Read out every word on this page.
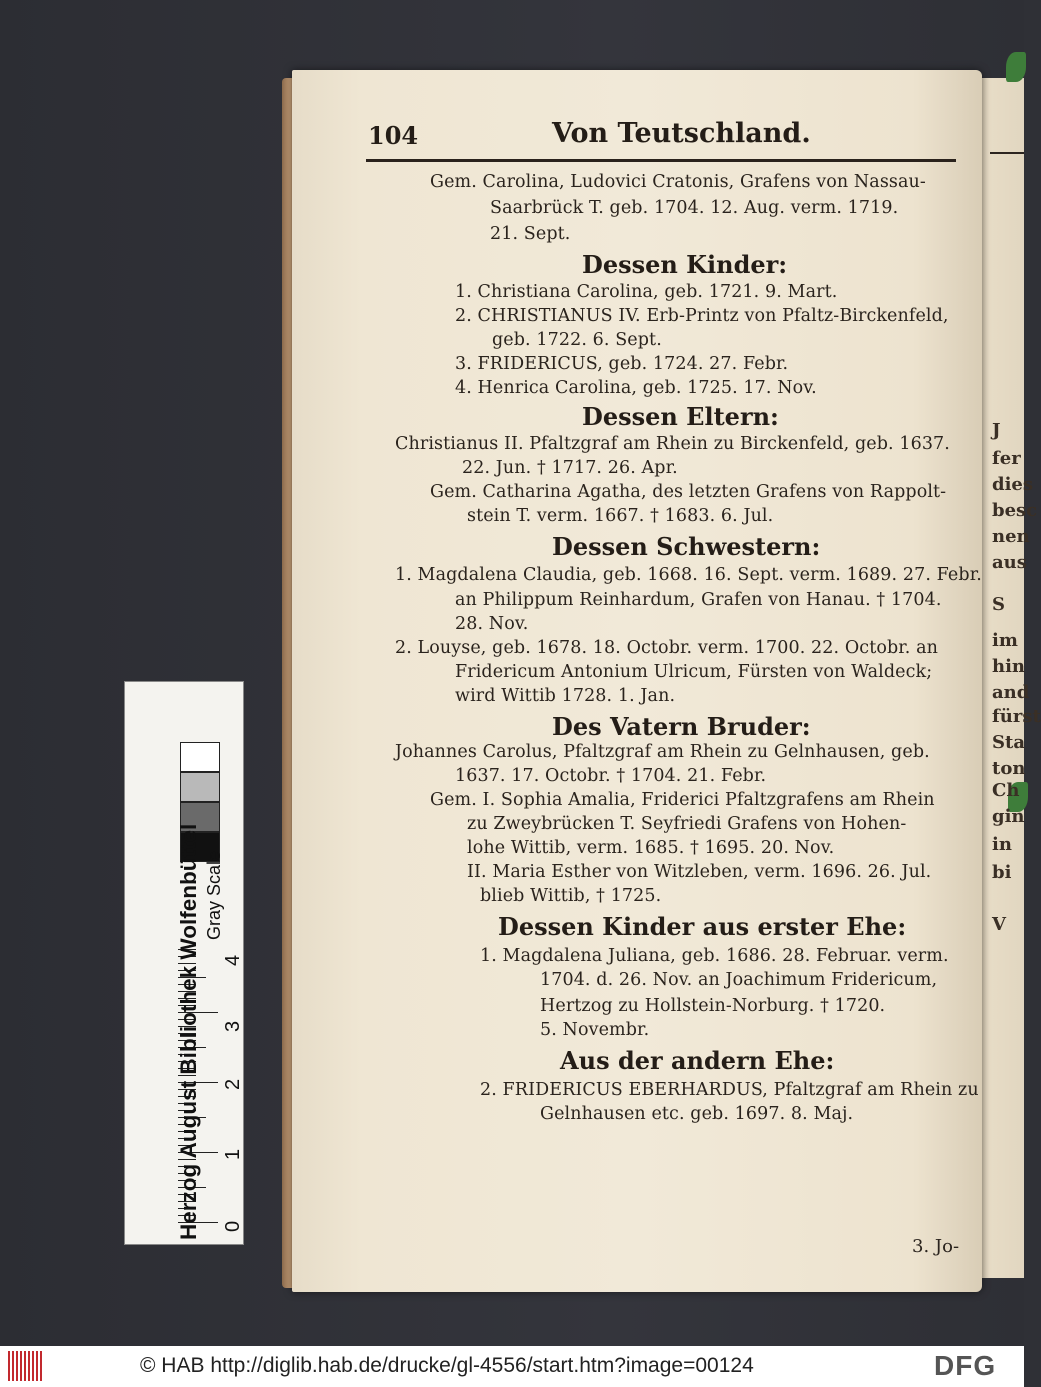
J
fer
dies
besc
nen
aus
S
im
hin
and
fürst
Sta
ton
Ch
gin
in
bi
V
104	Von Teutschland.
Gem. Carolina, Ludovici Cratonis, Grafens von Nassau-
Saarbrück T. geb. 1704. 12. Aug. verm. 1719.
21. Sept.
Dessen Kinder:
1. Christiana Carolina, geb. 1721. 9. Mart.
2. CHRISTIANUS IV. Erb-Printz von Pfaltz-Birckenfeld,
geb. 1722. 6. Sept.
3. FRIDERICUS, geb. 1724. 27. Febr.
4. Henrica Carolina, geb. 1725. 17. Nov.
Dessen Eltern:
Christianus II. Pfaltzgraf am Rhein zu Birckenfeld, geb. 1637.
22. Jun. † 1717. 26. Apr.
Gem. Catharina Agatha, des letzten Grafens von Rappolt-
stein T. verm. 1667. † 1683. 6. Jul.
Dessen Schwestern:
1. Magdalena Claudia, geb. 1668. 16. Sept. verm. 1689. 27. Febr.
an Philippum Reinhardum, Grafen von Hanau. † 1704.
28. Nov.
2. Louyse, geb. 1678. 18. Octobr. verm. 1700. 22. Octobr. an
Fridericum Antonium Ulricum, Fürsten von Waldeck;
wird Wittib 1728. 1. Jan.
Des Vatern Bruder:
Johannes Carolus, Pfaltzgraf am Rhein zu Gelnhausen, geb.
1637. 17. Octobr. † 1704. 21. Febr.
Gem. I. Sophia Amalia, Friderici Pfaltzgrafens am Rhein
zu Zweybrücken T. Seyfriedi Grafens von Hohen-
lohe Wittib, verm. 1685. † 1695. 20. Nov.
II. Maria Esther von Witzleben, verm. 1696. 26. Jul.
blieb Wittib, † 1725.
Dessen Kinder aus erster Ehe:
1. Magdalena Juliana, geb. 1686. 28. Februar. verm.
1704. d. 26. Nov. an Joachimum Fridericum,
Hertzog zu Hollstein-Norburg. † 1720.
5. Novembr.
Aus der andern Ehe:
2. FRIDERICUS EBERHARDUS, Pfaltzgraf am Rhein zu
Gelnhausen etc. geb. 1697. 8. Maj.
3. Jo-
Herzog August Bibliothek Wolfenbüttel Gray Scale
0
1
2
3
4
© HAB http://diglib.hab.de/drucke/gl-4556/start.htm?image=00124	DFG
